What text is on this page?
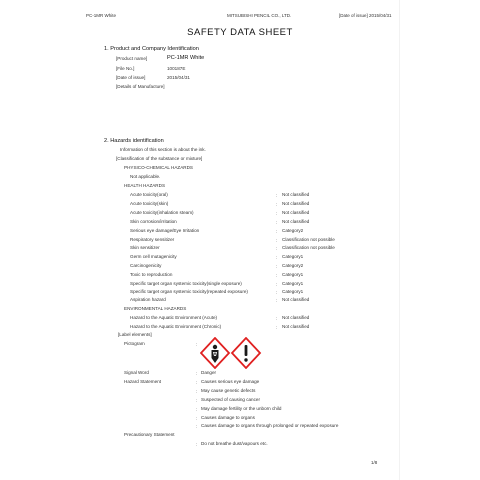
PC-1MR White	MITSUBISHI PENCIL CO., LTD.	[Date of issue] 2015/04/31
SAFETY DATA SHEET
1. Product and Company Identification
[Product name]	PC-1MR White
[File No.]	100187E
[Date of issue]	2015/04/31
[Details of Manufacture]
2. Hazards identification
Information of this section is about the ink.
[Classification of the substance or mixture]
PHYSICO-CHEMICAL HAZARDS
Not applicable.
HEALTH HAZARDS
Acute toxicity(oral)	: Not classified
Acute toxicity(skin)	: Not classified
Acute toxicity(inhalation steam)	: Not classified
Skin corrosion/irritation	: Not classified
Serious eye damage/Eye Irritation	: Category2
Respiratory sensitizer	: Classification not possible
Skin sensitizer	: Classification not possible
Germ cell mutagenicity	: Category1
Carcinogenicity	: Category2
Toxic to reproduction	: Category1
Specific target organ systemic toxicity(single exposure)	: Category1
Specific target organ systemic toxicity(repeated exposure)	: Category1
Aspiration hazard	: Not classified
ENVIRONMENTAL HAZARDS
Hazard to the Aquatic Environment (Acute)	: Not classified
Hazard to the Aquatic Environment (Chronic)	: Not classified
[Label elements]
Pictogram	:
Signal Word	: Danger
Hazard Statement	: Causes serious eye damage
: May cause genetic defects
: Suspected of causing cancer
: May damage fertility or the unborn child
: Causes damage to organs
: Causes damage to organs through prolonged or repeated exposure
Precautionary Statement
: Do not breathe dust/vapours etc.
1/8
